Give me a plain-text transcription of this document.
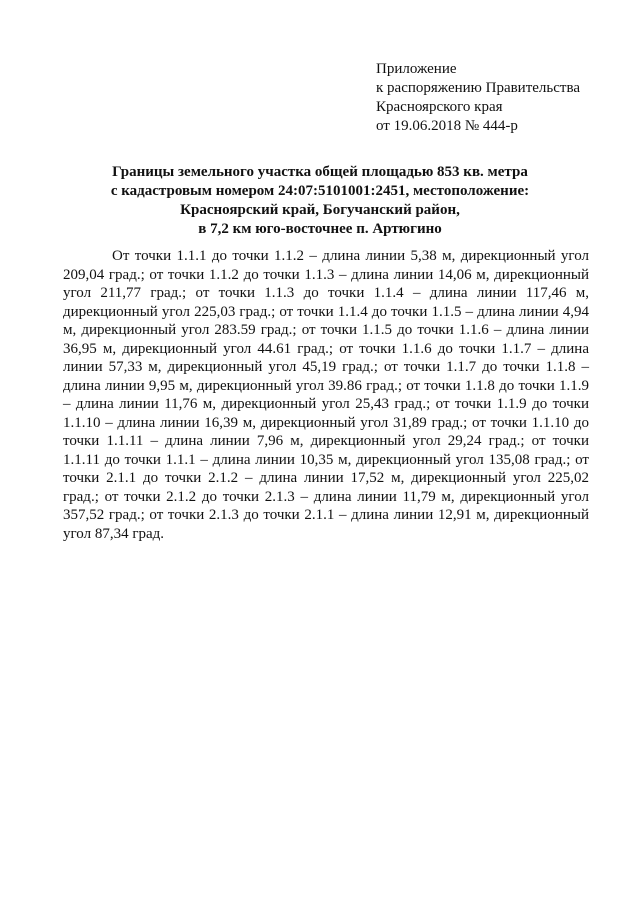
Приложение
к распоряжению Правительства
Красноярского края
от 19.06.2018 № 444-р
Границы земельного участка общей площадью 853 кв. метра
с кадастровым номером 24:07:5101001:2451, местоположение:
Красноярский край, Богучанский район,
в 7,2 км юго-восточнее п. Артюгино

От точки 1.1.1 до точки 1.1.2 – длина линии 5,38 м, дирекционный угол 209,04 град.; от точки 1.1.2 до точки 1.1.3 – длина линии 14,06 м, дирекционный угол 211,77 град.; от точки 1.1.3 до точки 1.1.4 – длина линии 117,46 м, дирекционный угол 225,03 град.; от точки 1.1.4 до точки 1.1.5 – длина линии 4,94 м, дирекционный угол 283.59 град.; от точки 1.1.5 до точки 1.1.6 – длина линии 36,95 м, дирекционный угол 44.61 град.; от точки 1.1.6 до точки 1.1.7 – длина линии 57,33 м, дирекционный угол 45,19 град.; от точки 1.1.7 до точки 1.1.8 – длина линии 9,95 м, дирекционный угол 39.86 град.; от точки 1.1.8 до точки 1.1.9 – длина линии 11,76 м, дирекционный угол 25,43 град.; от точки 1.1.9 до точки 1.1.10 – длина линии 16,39 м, дирекционный угол 31,89 град.; от точки 1.1.10 до точки 1.1.11 – длина линии 7,96 м, дирекционный угол 29,24 град.; от точки 1.1.11 до точки 1.1.1 – длина линии 10,35 м, дирекционный угол 135,08 град.; от точки 2.1.1 до точки 2.1.2 – длина линии 17,52 м, дирекционный угол 225,02 град.; от точки 2.1.2 до точки 2.1.3 – длина линии 11,79 м, дирекционный угол 357,52 град.; от точки 2.1.3 до точки 2.1.1 – длина линии 12,91 м, дирекционный угол 87,34 град.
